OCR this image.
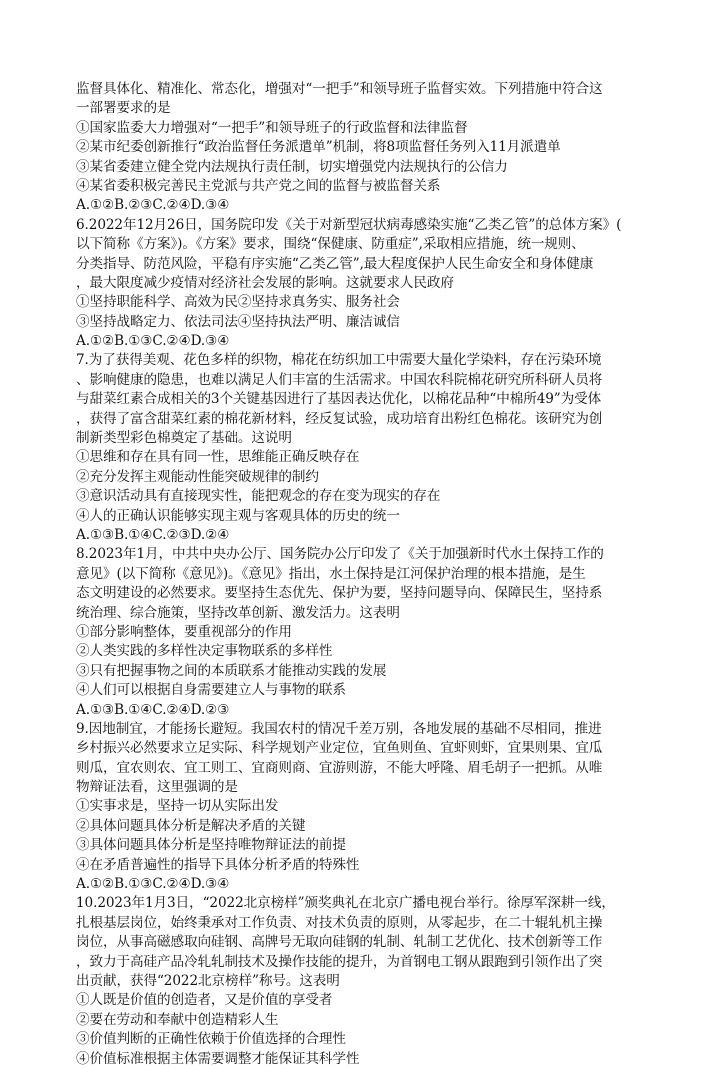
监督具体化、精准化、常态化，增强对“一把手”和领导班子监督实效。下列措施中符合这
一部署要求的是
①国家监委大力增强对“一把手”和领导班子的行政监督和法律监督
②某市纪委创新推行“政治监督任务派遣单”机制，将8项监督任务列入11月派遣单
③某省委建立健全党内法规执行责任制，切实增强党内法规执行的公信力
④某省委积极完善民主党派与共产党之间的监督与被监督关系
A.①②B.②③C.②④D.③④
6.2022年12月26日，国务院印发《关于对新型冠状病毒感染实施“乙类乙管”的总体方案》(
以下简称《方案》)。《方案》要求，围绕“保健康、防重症”,采取相应措施，统一规则、
分类指导、防范风险，平稳有序实施“乙类乙管”,最大程度保护人民生命安全和身体健康
，最大限度减少疫情对经济社会发展的影响。这就要求人民政府
①坚持职能科学、高效为民②坚持求真务实、服务社会
③坚持战略定力、依法司法④坚持执法严明、廉洁诚信
A.①②B.①③C.②④D.③④
7.为了获得美观、花色多样的织物，棉花在纺织加工中需要大量化学染料，存在污染环境
、影响健康的隐患，也难以满足人们丰富的生活需求。中国农科院棉花研究所科研人员将
与甜菜红素合成相关的3个关键基因进行了基因表达优化，以棉花品种“中棉所49”为受体
，获得了富含甜菜红素的棉花新材料，经反复试验，成功培育出粉红色棉花。该研究为创
制新类型彩色棉奠定了基础。这说明
①思维和存在具有同一性，思维能正确反映存在
②充分发挥主观能动性能突破规律的制约
③意识活动具有直接现实性，能把观念的存在变为现实的存在
④人的正确认识能够实现主观与客观具体的历史的统一
A.①③B.①④C.②③D.②④
8.2023年1月，中共中央办公厅、国务院办公厅印发了《关于加强新时代水土保持工作的
意见》(以下简称《意见》)。《意见》指出，水土保持是江河保护治理的根本措施，是生
态文明建设的必然要求。要坚持生态优先、保护为要，坚持问题导向、保障民生，坚持系
统治理、综合施策，坚持改革创新、激发活力。这表明
①部分影响整体，要重视部分的作用
②人类实践的多样性决定事物联系的多样性
③只有把握事物之间的本质联系才能推动实践的发展
④人们可以根据自身需要建立人与事物的联系
A.①③B.①④C.②④D.②③
9.因地制宜，才能扬长避短。我国农村的情况千差万别，各地发展的基础不尽相同，推进
乡村振兴必然要求立足实际、科学规划产业定位，宜鱼则鱼、宜虾则虾，宜果则果、宜瓜
则瓜，宜农则农、宜工则工、宜商则商、宜游则游，不能大呼隆、眉毛胡子一把抓。从唯
物辩证法看，这里强调的是
①实事求是，坚持一切从实际出发
②具体问题具体分析是解决矛盾的关键
③具体问题具体分析是坚持唯物辩证法的前提
④在矛盾普遍性的指导下具体分析矛盾的特殊性
A.①②B.①③C.②④D.③④
10.2023年1月3日，“2022北京榜样”颁奖典礼在北京广播电视台举行。徐厚军深耕一线，
扎根基层岗位，始终秉承对工作负责、对技术负责的原则，从零起步，在二十辊轧机主操
岗位，从事高磁感取向硅钢、高牌号无取向硅钢的轧制、轧制工艺优化、技术创新等工作
，致力于高硅产品冷轧轧制技术及操作技能的提升，为首钢电工钢从跟跑到引领作出了突
出贡献，获得“2022北京榜样”称号。这表明
①人既是价值的创造者，又是价值的享受者
②要在劳动和奉献中创造精彩人生
③价值判断的正确性依赖于价值选择的合理性
④价值标准根据主体需要调整才能保证其科学性
